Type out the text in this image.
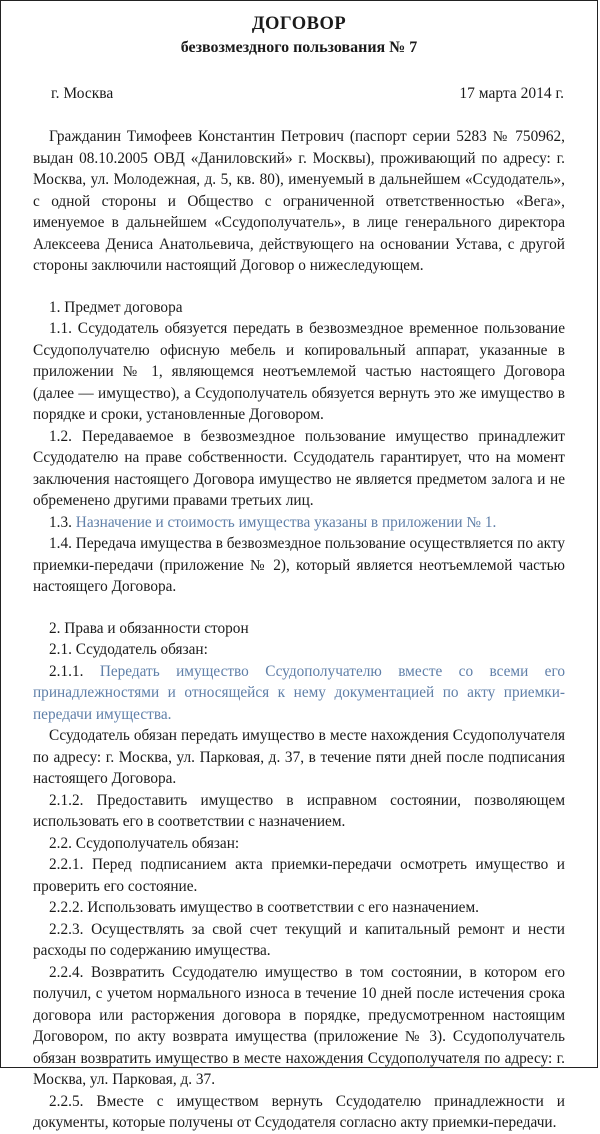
ДОГОВОР
безвозмездного пользования № 7
г. Москва	17 марта 2014 г.

Гражданин Тимофеев Константин Петрович (паспорт серии 5283 № 750962, выдан 08.10.2005 ОВД «Даниловский» г. Москвы), проживающий по адресу: г. Москва, ул. Молодежная, д. 5, кв. 80), именуемый в дальнейшем «Ссудодатель», с одной стороны и Общество с ограниченной ответственностью «Вега», именуемое в дальнейшем «Ссудополучатель», в лице генерального директора Алексеева Дениса Анатольевича, действующего на основании Устава, с другой стороны заключили настоящий Договор о нижеследующем.

1. Предмет договора

1.1. Ссудодатель обязуется передать в безвозмездное временное пользование Ссудополучателю офисную мебель и копировальный аппарат, указанные в приложении № 1, являющемся неотъемлемой частью настоящего Договора (далее — имущество), а Ссудополучатель обязуется вернуть это же имущество в порядке и сроки, установленные Договором.

1.2. Передаваемое в безвозмездное пользование имущество принадлежит Ссудодателю на праве собственности. Ссудодатель гарантирует, что на момент заключения настоящего Договора имущество не является предметом залога и не обременено другими правами третьих лиц.

1.3. Назначение и стоимость имущества указаны в приложении № 1.

1.4. Передача имущества в безвозмездное пользование осуществляется по акту приемки-передачи (приложение № 2), который является неотъемлемой частью настоящего Договора.

2. Права и обязанности сторон

2.1. Ссудодатель обязан:

2.1.1. Передать имущество Ссудополучателю вместе со всеми его принадлежностями и относящейся к нему документацией по акту приемки-передачи имущества.

Ссудодатель обязан передать имущество в месте нахождения Ссудополучателя по адресу: г. Москва, ул. Парковая, д. 37, в течение пяти дней после подписания настоящего Договора.

2.1.2. Предоставить имущество в исправном состоянии, позволяющем использовать его в соответствии с назначением.

2.2. Ссудополучатель обязан:

2.2.1. Перед подписанием акта приемки-передачи осмотреть имущество и проверить его состояние.

2.2.2. Использовать имущество в соответствии с его назначением.

2.2.3. Осуществлять за свой счет текущий и капитальный ремонт и нести расходы по содержанию имущества.

2.2.4. Возвратить Ссудодателю имущество в том состоянии, в котором его получил, с учетом нормального износа в течение 10 дней после истечения срока договора или расторжения договора в порядке, предусмотренном настоящим Договором, по акту возврата имущества (приложение № 3). Ссудополучатель обязан возвратить имущество в месте нахождения Ссудополучателя по адресу: г. Москва, ул. Парковая, д. 37.

2.2.5. Вместе с имуществом вернуть Ссудодателю принадлежности и документы, которые получены от Ссудодателя согласно акту приемки-передачи.
